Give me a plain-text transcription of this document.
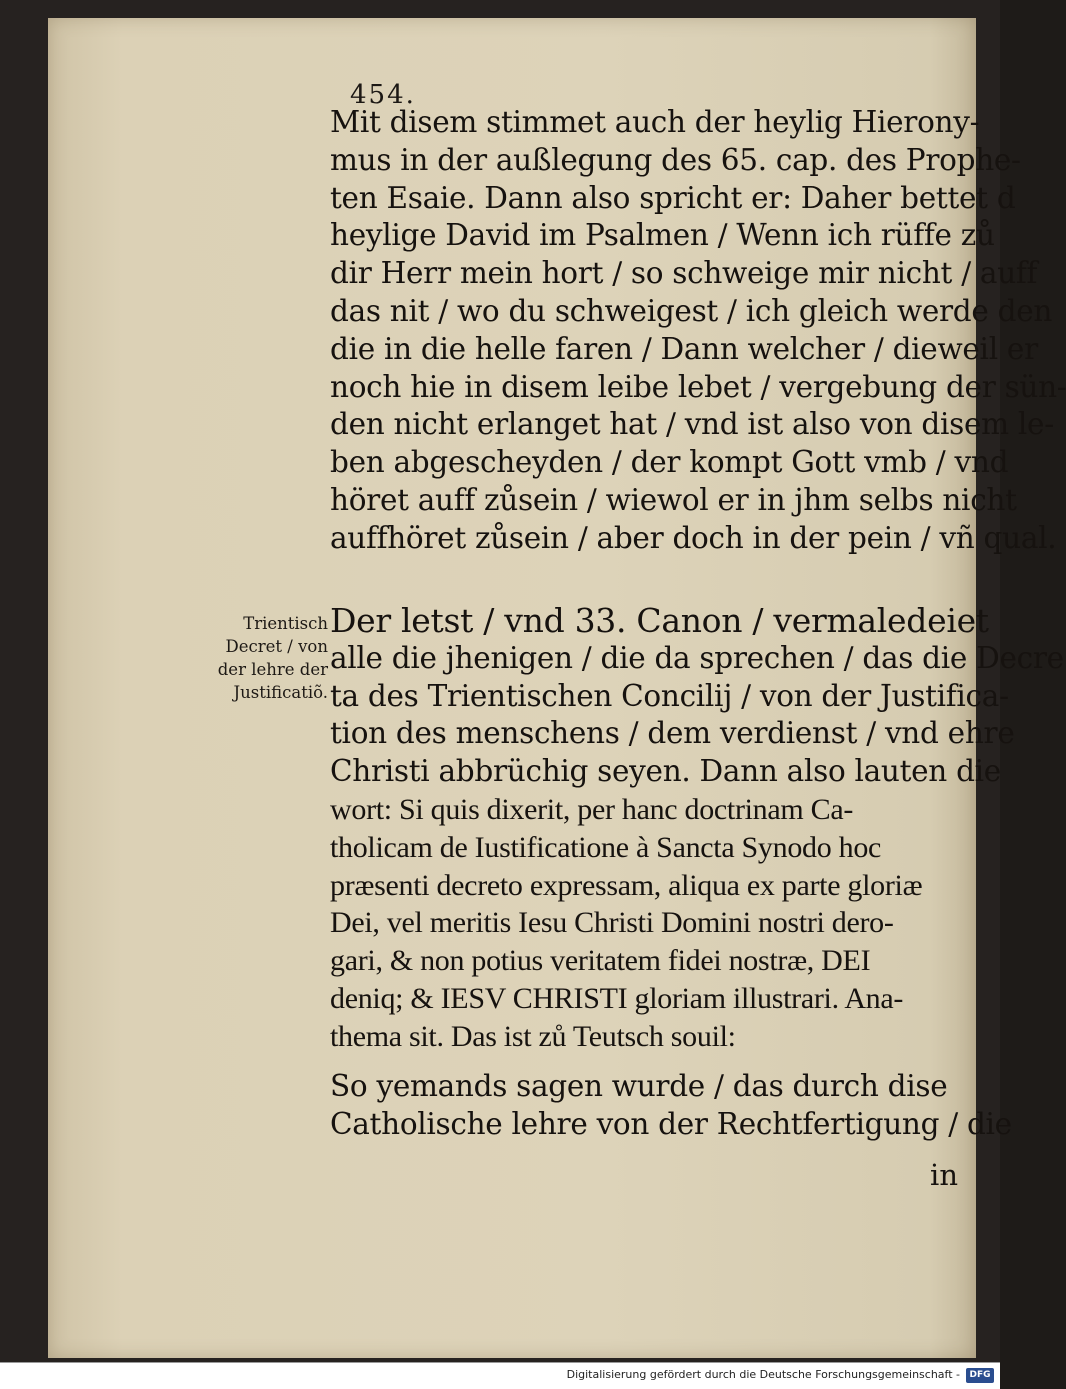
454.
Mit disem stimmet auch der heylig Hierony-
mus in der außlegung des 65. cap. des Prophe-
ten Esaie. Dann also spricht er: Daher bettet d
heylige David im Psalmen / Wenn ich rüffe zů
dir Herr mein hort / so schweige mir nicht / auff
das nit / wo du schweigest / ich gleich werde den
die in die helle faren / Dann welcher / dieweil er
noch hie in disem leibe lebet / vergebung der sün-
den nicht erlanget hat / vnd ist also von disem le-
ben abgescheyden / der kompt Gott vmb / vnd
höret auff zůsein / wiewol er in jhm selbs nicht
auffhöret zůsein / aber doch in der pein / vñ qual.
Trientisch
Decret / von
der lehre der
Justificatiõ.
Der letst / vnd 33. Canon / vermaledeiet
alle die jhenigen / die da sprechen / das die Decre
ta des Trientischen Concilij / von der Justifica-
tion des menschens / dem verdienst / vnd ehre
Christi abbrüchig seyen. Dann also lauten die
wort: Si quis dixerit, per hanc doctrinam Ca-
tholicam de Iustificatione à Sancta Synodo hoc
præsenti decreto expressam, aliqua ex parte gloriæ
Dei, vel meritis Iesu Christi Domini nostri dero-
gari, & non potius veritatem fidei nostræ, DEI
deniq; & IESV CHRISTI gloriam illustrari. Ana-
thema sit. Das ist zů Teutsch souil:
So yemands sagen wurde / das durch dise
Catholische lehre von der Rechtfertigung / die
in
Digitalisierung gefördert durch die Deutsche Forschungsgemeinschaft -	DFG
